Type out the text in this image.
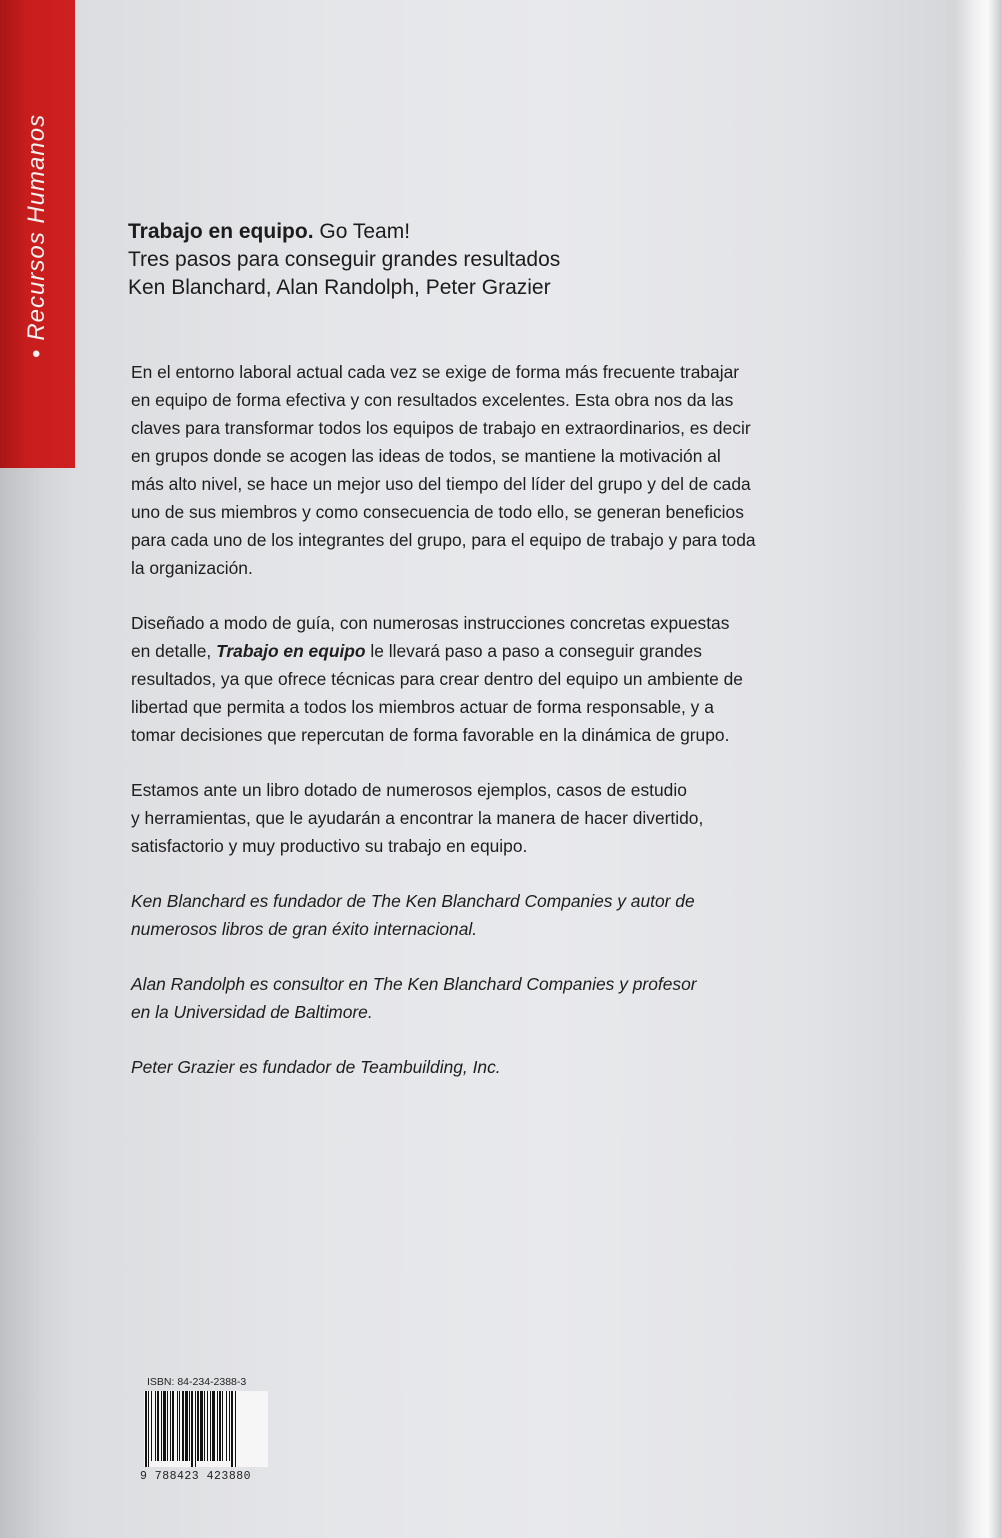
•Recursos Humanos	Trabajo en equipo. Go Team!
Tres pasos para conseguir grandes resultados
Ken Blanchard, Alan Randolph, Peter Grazier
En el entorno laboral actual cada vez se exige de forma más frecuente trabajar
en equipo de forma efectiva y con resultados excelentes. Esta obra nos da las
claves para transformar todos los equipos de trabajo en extraordinarios, es decir
en grupos donde se acogen las ideas de todos, se mantiene la motivación al
más alto nivel, se hace un mejor uso del tiempo del líder del grupo y del de cada
uno de sus miembros y como consecuencia de todo ello, se generan beneficios
para cada uno de los integrantes del grupo, para el equipo de trabajo y para toda
la organización.
Diseñado a modo de guía, con numerosas instrucciones concretas expuestas
en detalle, Trabajo en equipo le llevará paso a paso a conseguir grandes
resultados, ya que ofrece técnicas para crear dentro del equipo un ambiente de
libertad que permita a todos los miembros actuar de forma responsable, y a
tomar decisiones que repercutan de forma favorable en la dinámica de grupo.
Estamos ante un libro dotado de numerosos ejemplos, casos de estudio
y herramientas, que le ayudarán a encontrar la manera de hacer divertido,
satisfactorio y muy productivo su trabajo en equipo.
Ken Blanchard es fundador de The Ken Blanchard Companies y autor de
numerosos libros de gran éxito internacional.
Alan Randolph es consultor en The Ken Blanchard Companies y profesor
en la Universidad de Baltimore.
Peter Grazier es fundador de Teambuilding, Inc.
ISBN: 84-234-2388-3
9 788423 423880
